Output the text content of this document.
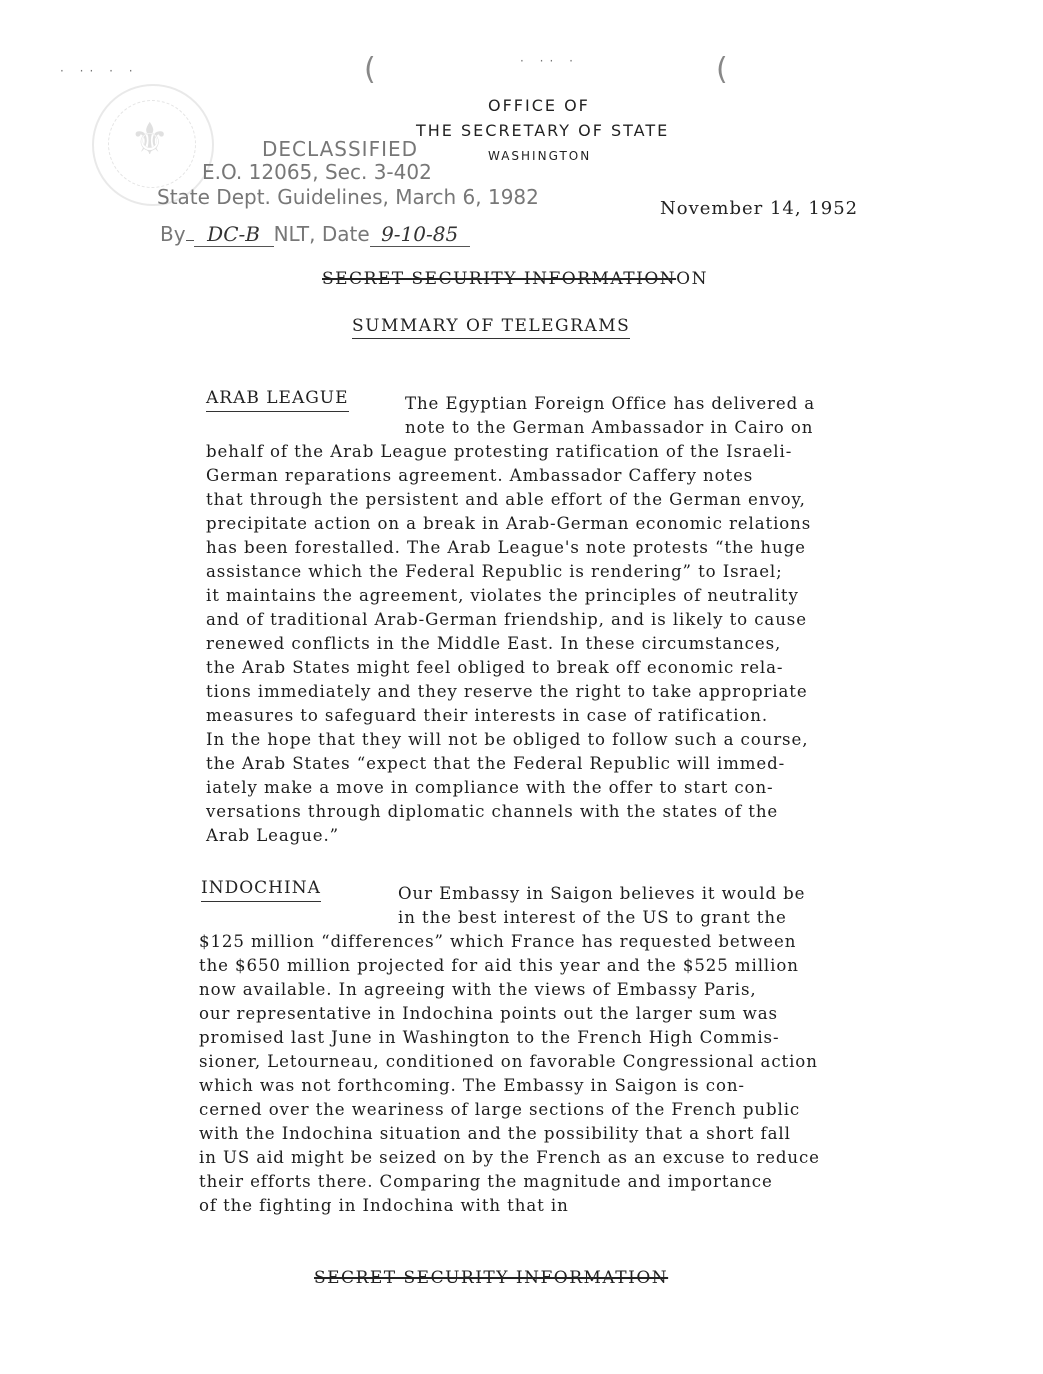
⚜
(	(
· ·· ·
· ·· · ·
OFFICE OF
THE SECRETARY OF STATE
WASHINGTON
DECLASSIFIED
E.O. 12065, Sec. 3-402
State Dept. Guidelines, March 6, 1982
By DC-B NLT, Date 9-10-85
November 14, 1952
SECRET SECURITY INFORMATIONON
SUMMARY OF TELEGRAMS
ARAB LEAGUE	The Egyptian Foreign Office has delivered a
note to the German Ambassador in Cairo on
behalf of the Arab League protesting ratification of the Israeli-
German reparations agreement. Ambassador Caffery notes
that through the persistent and able effort of the German envoy,
precipitate action on a break in Arab-German economic relations
has been forestalled. The Arab League's note protests “the huge
assistance which the Federal Republic is rendering” to Israel;
it maintains the agreement, violates the principles of neutrality
and of traditional Arab-German friendship, and is likely to cause
renewed conflicts in the Middle East. In these circumstances,
the Arab States might feel obliged to break off economic rela-
tions immediately and they reserve the right to take appropriate
measures to safeguard their interests in case of ratification.
In the hope that they will not be obliged to follow such a course,
the Arab States “expect that the Federal Republic will immed-
iately make a move in compliance with the offer to start con-
versations through diplomatic channels with the states of the
Arab League.”
INDOCHINA	Our Embassy in Saigon believes it would be
in the best interest of the US to grant the
$125 million “differences” which France has requested between
the $650 million projected for aid this year and the $525 million
now available. In agreeing with the views of Embassy Paris,
our representative in Indochina points out the larger sum was
promised last June in Washington to the French High Commis-
sioner, Letourneau, conditioned on favorable Congressional action
which was not forthcoming. The Embassy in Saigon is con-
cerned over the weariness of large sections of the French public
with the Indochina situation and the possibility that a short fall
in US aid might be seized on by the French as an excuse to reduce
their efforts there. Comparing the magnitude and importance
of the fighting in Indochina with that in
SECRET SECURITY INFORMATION
